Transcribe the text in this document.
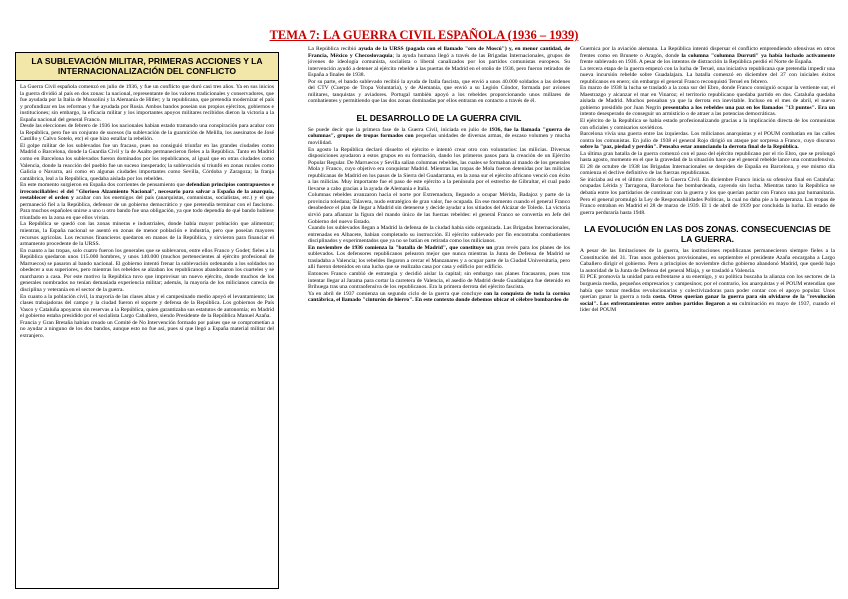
TEMA 7: LA GUERRA CIVIL ESPAÑOLA (1936 – 1939)
LA SUBLEVACIÓN MILITAR, PRIMERAS ACCIONES Y LA INTERNACIONALIZACIÓN DEL CONFLICTO

La Guerra Civil española comenzó en julio de 1936, y fue un conflicto que duró casi tres años. Ya en sus inicios la guerra dividió al país en dos zonas: la nacional, representante de los valores tradicionales y conservadores, que fue ayudada por la Italia de Mussolini y la Alemania de Hitler; y la republicana, que pretendía modernizar el país y profundizar en las reformas y fue ayudada por Rusia. Ambos bandos poseían sus propios ejércitos, gobiernos e instituciones; sin embargo, la eficacia militar y los importantes apoyos militares recibidos dieron la victoria a la España nacional del general Franco.

Desde las elecciones de febrero de 1936 los nacionales habían estado tramando una conspiración para acabar con la República, pero fue un conjunto de sucesos (la sublevación de la guarnición de Melilla, los asesinatos de José Castillo y Calvo Sotelo, etc) el que hizo estallar la rebelión.

El golpe militar de los sublevados fue un fracaso, pues no consiguió triunfar en las grandes ciudades como Madrid o Barcelona, donde la Guardia Civil y la de Asalto permanecieron fieles a la República. Tanto en Madrid como en Barcelona los sublevados fueron dominados por los republicanos, al igual que en otras ciudades como Valencia, donde la reacción del pueblo fue un suceso inesperado; la sublevación sí triunfó en zonas rurales como Galicia o Navarra, así como en algunas ciudades importantes como Sevilla, Córdoba y Zaragoza; la franja cantábrica, leal a la República, quedaba aislada por los rebeldes.

En este momento surgieron en España dos corrientes de pensamiento que defendían principios contrapuestos e irreconciliables: el del "Glorioso Alzamiento Nacional", necesario para salvar a España de la anarquía, restablecer el orden y acabar con los enemigos del país (anarquistas, comunistas, socialistas, etc.) y el que permaneció fiel a la República, defensor de un gobierno democrático y que pretendía terminar con el fascismo. Para muchos españoles unirse a uno u otro bando fue una obligación, ya que todo dependía de qué bando hubiese triunfado en la zona en que ellos vivían.

La República se quedó con las zonas mineras e industriales, donde había mayor población que alimentar; mientras, la España nacional se asentó en zonas de menor población e industria, pero que poseían mayores recursos agrícolas. Los recursos financieros quedaron en manos de la República, y sirvieron para financiar el armamento procedente de la URSS.

En cuanto a las tropas, solo cuatro fueron los generales que se sublevaron, entre ellos Franco y Godet; fieles a la República quedaron unos 115.000 hombres, y unos 140.000 (muchos pertenecientes al ejército profesional de Marruecos) se pasaron al bando nacional. El gobierno intentó frenar la sublevación ordenando a los soldados no obedecer a sus superiores, pero mientras los rebeldes se alzaban los republicanos abandonaron los cuarteles y se marcharon a casa. Por este motivo la República tuvo que improvisar un nuevo ejército, donde muchos de los generales nombrados no tenían demasiada experiencia militar; además, la mayoría de los milicianos carecía de disciplina y veteranía en el sector de la guerra.

En cuanto a la población civil, la mayoría de las clases altas y el campesinado medio apoyó el levantamiento; las clases trabajadoras del campo y la ciudad fueron el soporte y defensa de la República. Los gobiernos de País Vasco y Cataluña apoyaron sin reservas a la República, quien garantizaba sus estatutos de autonomía; en Madrid el gobierno estaba presidido por el socialista Largo Caballero, siendo Presidente de la República Manuel Azaña.

Francia y Gran Bretaña habían creado un Comité de No Intervención formado por países que se comprometían a no ayudar a ninguno de los dos bandos, aunque esto no fue así, pues sí que llegó a España material militar del extranjero.

La República recibió ayuda de la URSS (pagada con el llamado "oro de Moscú") y, en menor cantidad, de Francia, México y Checoslovaquia; la ayuda humana llegó a través de las Brigadas Internacionales, grupos de jóvenes de ideología comunista, socialista o liberal canalizados por los partidos comunistas europeos. Su intervención ayudó a detener al ejército rebelde a las puertas de Madrid en el otoño de 1936, pero fueron retirados de España a finales de 1938.

Por su parte, el bando sublevado recibió la ayuda de Italia fascista, que envió a unos 40.000 soldados a las órdenes del CTV (Cuerpo de Tropa Voluntaria), y de Alemania, que envió a su Legión Cóndor, formada por aviones militares, tanquistas y aviadores. Portugal también apoyó a los rebeldes proporcionando unos millares de combatientes y permitiendo que las dos zonas dominadas por ellos entraran en contacto a través de él.

EL DESARROLLO DE LA GUERRA CIVIL

Se puede decir que la primera fase de la Guerra Civil, iniciada en julio de 1936, fue la llamada "guerra de columnas", grupos de tropas formados con pequeñas unidades de diversas armas, de escaso volumen y mucha movilidad.

En agosto la República declaró disuelto el ejército e intentó crear otro con voluntarios: las milicias. Diversas disposiciones ayudaron a estos grupos en su formación, dando los primeros pasos para la creación de un Ejército Popular Regular. De Marruecos y Sevilla salían columnas rebeldes, las cuales se formaban al mando de los generales Mola y Franco, cuyo objetivo era conquistar Madrid. Mientras las tropas de Mola fueron detenidas por las milicias republicanas de Madrid en los pasos de la Sierra del Guadarrama, en la zona sur el ejército africano venció con éxito a las milicias. Muy importante fue el paso de este ejército a la península por el estrecho de Gibraltar, el cual pudo llevarse a cabo gracias a la ayuda de Alemania e Italia.

Columnas rebeldes avanzaron hacia el norte por Extremadura, llegando a ocupar Mérida, Badajoz y parte de la provincia toledana; Talavera, nudo estratégico de gran valor, fue ocupada. En ese momento cuando el general Franco desobedece el plan de llegar a Madrid sin detenerse y decide ayudar a los sitiados del Alcázar de Toledo. La victoria sirvió para afianzar la figura del mando único de las fuerzas rebeldes: el general Franco se convertía en Jefe del Gobierno del nuevo Estado.

Cuando los sublevados llegan a Madrid la defensa de la ciudad había sido organizada. Las Brigadas Internacionales, entrenadas en Albacete, habían completado su instrucción. El ejército sublevado por fin encontraba combatientes disciplinados y experimentados que ya no se batían en retirada como los milicianos.

En noviembre de 1936 comienza la "batalla de Madrid", que constituye un gran revés para los planes de los sublevados. Los defensores republicanos pelearon mejor que nunca mientras la Junta de Defensa de Madrid se trasladaba a Valencia; los rebeldes llegaron a cercar el Manzanares y a ocupar parte de la Ciudad Universitaria, pero allí fueron detenidos en una lucha que se realizaba casa por casa y edificio por edificio.

Entonces Franco cambió de estrategia y decidió aislar la capital; sin embargo sus planes fracasaron, pues tras intentar llegar al Jarama para cortar la carretera de Valencia, el asedio de Madrid desde Guadalajara fue detenido en Brihuega tras una contraofensiva de los republicanos. Era la primera derrota del ejército fascista.

Ya en abril de 1937 comienza un segundo ciclo de la guerra que concluye con la conquista de toda la cornisa cantábrica, el llamado "cinturón de hierro". En este contexto donde debemos ubicar el célebre bombardeo de

Guernica por la aviación alemana. La República intentó dispersar el conflicto emprendiendo ofensivas en otros frentes como en Brunete o Aragón, donde la columna "columna Durruti" ya había luchado activamente frente sublevado en 1936. A pesar de los intentos de distracción la República perdió el Norte de España.

La tercera etapa de la guerra empezó con la lucha de Teruel, una iniciativa republicana que pretendía impedir una nueva incursión rebelde sobre Guadalajara. La batalla comenzó en diciembre del 37 con iniciales éxitos republicanos en enero; sin embargo el general Franco reconquistó Teruel en febrero.

En marzo de 1938 la lucha se trasladó a la zona sur del Ebro, donde Franco consiguió ocupar la vertiente sur, el Maestrazgo y alcanzar el mar en Vinaroz; el territorio republicano quedaba partido en dos. Cataluña quedaba aislada de Madrid. Muchos pensaban ya que la derrota era inevitable. Incluso en el mes de abril, el nuevo gobierno presidido por Juan Negrín presentaba a los rebeldes una paz en los llamados "13 puntos". Era un intento desesperado de conseguir un armisticio o de atraer a las potencias democráticas.

El ejército de la República se había estado profesionalizando gracias a la implicación directa de los comunistas con oficiales y comisarios soviéticos.

Barcelona vivía una guerra entre las izquierdas. Los milicianos anarquistas y el POUM combatían en las calles contra los comunistas. En julio de 1938 el general Rojo dirigió un ataque por sorpresa a Franco, cuyo discurso sobre la "paz, piedad y perdón". Pensaba estar anunciando la derrota final de la República.

La última gran batalla de la guerra comenzó con el paso del ejército republicano por el río Ebro, que se prolongó hasta agosto, momento en el que la gravedad de la situación hace que el general rebelde lance una contraofensiva. El 28 de octubre de 1938 las Brigadas Internacionales se despiden de España en Barcelona, y ese mismo día comienza el declive definitivo de las fuerzas republicanas.

Se iniciaba así en el último ciclo de la Guerra Civil. En diciembre Franco inicia su ofensiva final en Cataluña: ocupadas Lérida y Tarragona, Barcelona fue bombardeada, cayendo sin lucha. Mientras tanto la República se debatía entre los partidarios de continuar con la guerra y los que querían pactar con Franco una paz humanitaria. Pero el general promulgó la Ley de Responsabilidades Políticas, la cual no daba pie a la esperanza. Las tropas de Franco entraban en Madrid el 28 de marzo de 1939. El 1 de abril de 1939 por concluida la lucha. El estado de guerra perduraría hasta 1948.

LA EVOLUCIÓN EN LAS DOS ZONAS. CONSECUENCIAS DE LA GUERRA.

A pesar de las limitaciones de la guerra, las instituciones republicanas permanecieron siempre fieles a la Constitución del 31. Tras unos gobiernos provisionales, en septiembre el presidente Azaña encargaba a Largo Caballero dirigir el gobierno. Pero a principios de noviembre dicho gobierno abandonó Madrid, que quedó bajo la autoridad de la Junta de Defensa del general Miaja, y se trasladó a Valencia.

El PCE promovía la unidad para enfrentarse a su enemigo, y su política buscaba la alianza con los sectores de la burguesía media, pequeños empresarios y campesinos; por el contrario, los anarquistas y el POUM entendían que había que tomar medidas revolucionarias y colectivizadoras para poder contar con el apoyo popular. Unos querían ganar la guerra a toda costa. Otros querían ganar la guerra para sin olvidarse de la "revolución social". Los enfrentamientos entre ambos partidos llegaron a su culminación en mayo de 1937, cuando el líder del POUM
